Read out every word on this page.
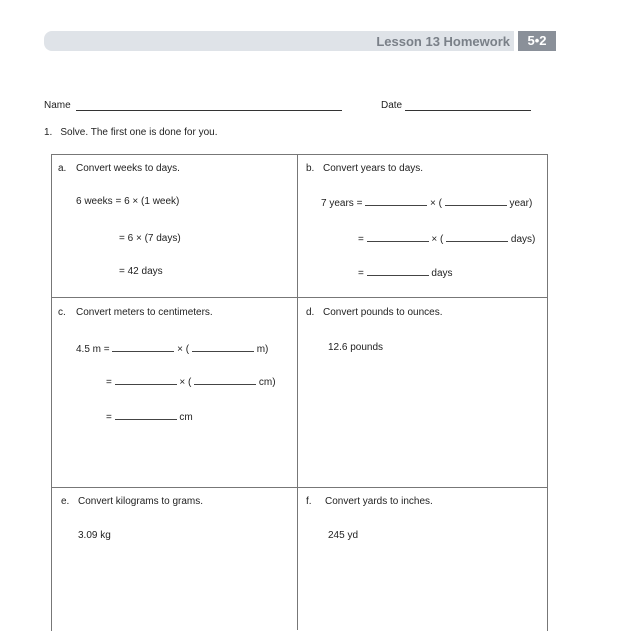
Lesson 13 Homework	5•2
Name	Date
1. Solve. The first one is done for you.
a. Convert weeks to days.
6 weeks = 6 × (1 week)
= 6 × (7 days)
= 42 days
b. Convert years to days.
7 years =	× (	year)
=	× (	days)
=	days
c. Convert meters to centimeters.
4.5 m =	× (	m)
=	× (	cm)
=	cm
d. Convert pounds to ounces.
12.6 pounds
e. Convert kilograms to grams.
3.09 kg
f. Convert yards to inches.
245 yd
